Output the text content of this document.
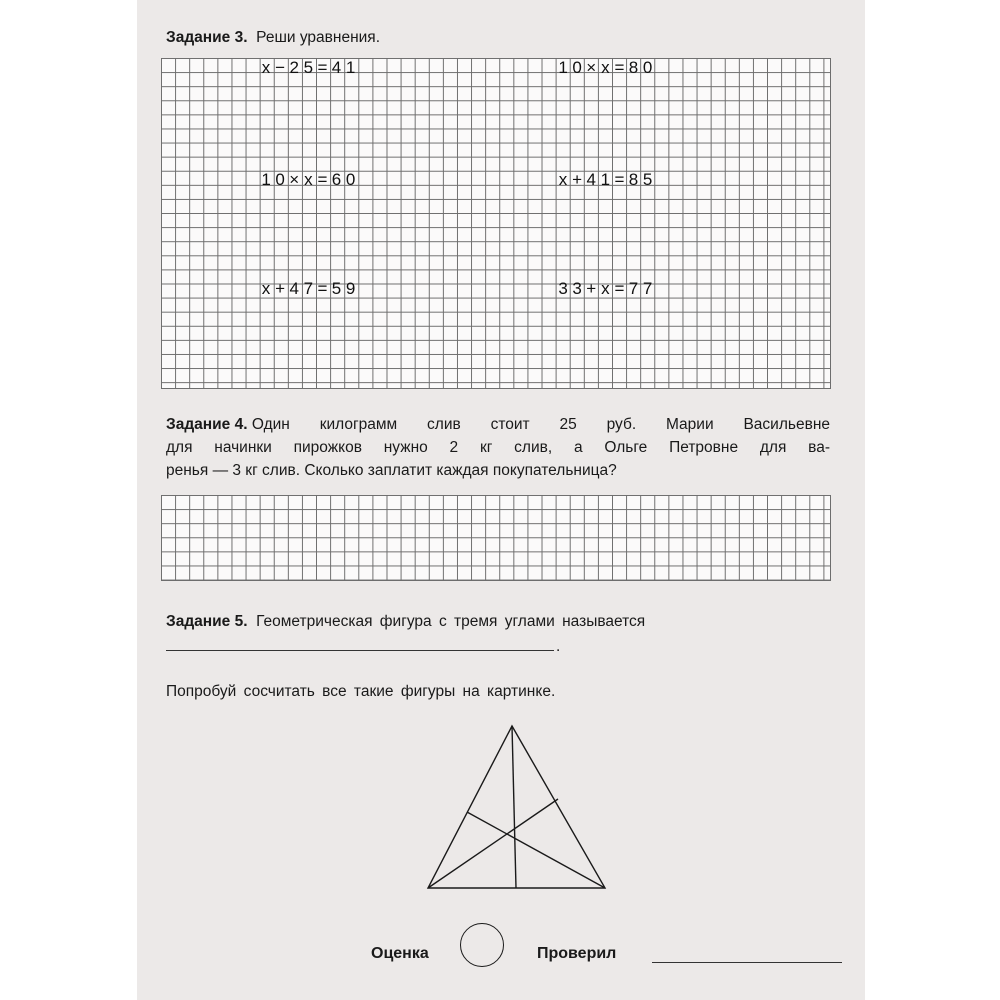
Задание 3. Реши уравнения.
x − 2 5 = 4 1	1 0 × x = 8 0
1 0 × x = 6 0	x + 4 1 = 8 5
x + 4 7 = 5 9	3 3 + x = 7 7
Задание 4. Один килограмм слив стоит 25 руб. Марии Васильевне
для начинки пирожков нужно 2 кг слив, а Ольге Петровне для ва-
ренья — 3 кг слив. Сколько заплатит каждая покупательница?
Задание 5. Геометрическая фигура с тремя углами называется
.
Попробуй сосчитать все такие фигуры на картинке.
Оценка	Проверил
